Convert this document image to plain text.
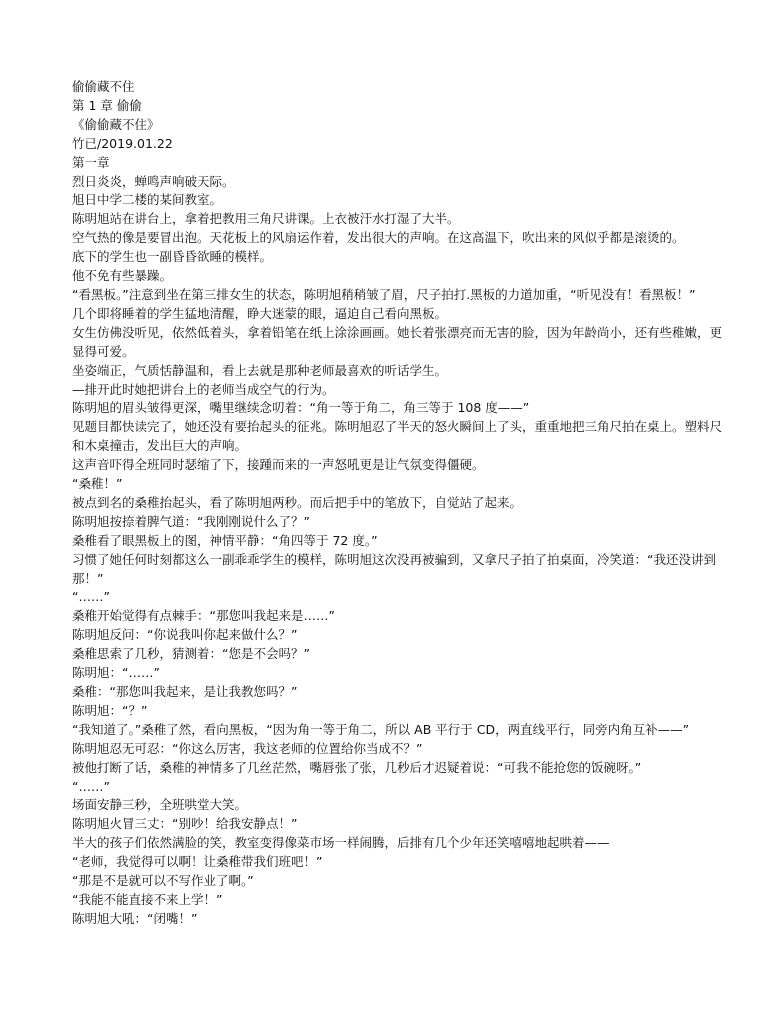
偷偷藏不住

第 1 章 偷偷

《偷偷藏不住》

竹已/2019.01.22

第一章

烈日炎炎，蝉鸣声响破天际。

旭日中学二楼的某间教室。

陈明旭站在讲台上，拿着把教用三角尺讲课。上衣被汗水打湿了大半。

空气热的像是要冒出泡。天花板上的风扇运作着，发出很大的声响。在这高温下，吹出来的风似乎都是滚烫的。

底下的学生也一副昏昏欲睡的模样。

他不免有些暴躁。

“看黑板。”注意到坐在第三排女生的状态，陈明旭稍稍皱了眉，尺子拍打.黑板的力道加重，“听见没有！看黑板！”

几个即将睡着的学生猛地清醒，睁大迷蒙的眼，逼迫自己看向黑板。

女生仿佛没听见，依然低着头，拿着铅笔在纸上涂涂画画。她长着张漂亮而无害的脸，因为年龄尚小，还有些稚嫩，更显得可爱。

坐姿端正，气质恬静温和，看上去就是那种老师最喜欢的听话学生。

—排开此时她把讲台上的老师当成空气的行为。

陈明旭的眉头皱得更深，嘴里继续念叨着：“角一等于角二，角三等于 108 度——”

见题目都快读完了，她还没有要抬起头的征兆。陈明旭忍了半天的怒火瞬间上了头，重重地把三角尺拍在桌上。塑料尺和木桌撞击，发出巨大的声响。

这声音吓得全班同时瑟缩了下，接踵而来的一声怒吼更是让气氛变得僵硬。

“桑稚！”

被点到名的桑稚抬起头，看了陈明旭两秒。而后把手中的笔放下，自觉站了起来。

陈明旭按捺着脾气道：“我刚刚说什么了？”

桑稚看了眼黑板上的图，神情平静：“角四等于 72 度。”

习惯了她任何时刻都这么一副乖乖学生的模样，陈明旭这次没再被骗到，又拿尺子拍了拍桌面，冷笑道：“我还没讲到那！”

“……”

桑稚开始觉得有点棘手：“那您叫我起来是……”

陈明旭反问：“你说我叫你起来做什么？”

桑稚思索了几秒，猜测着：“您是不会吗？”

陈明旭：“……”

桑稚：“那您叫我起来，是让我教您吗？”

陈明旭：“？”

“我知道了。”桑稚了然，看向黑板，“因为角一等于角二，所以 AB 平行于 CD，两直线平行，同旁内角互补——”

陈明旭忍无可忍：“你这么厉害，我这老师的位置给你当成不？”

被他打断了话，桑稚的神情多了几丝茫然，嘴唇张了张，几秒后才迟疑着说：“可我不能抢您的饭碗呀。”

“……”

场面安静三秒，全班哄堂大笑。

陈明旭火冒三丈：“别吵！给我安静点！”

半大的孩子们依然满脸的笑，教室变得像菜市场一样闹腾，后排有几个少年还笑嘻嘻地起哄着——

“老师，我觉得可以啊！让桑稚带我们班吧！”

“那是不是就可以不写作业了啊。”

“我能不能直接不来上学！”

陈明旭大吼：“闭嘴！”
